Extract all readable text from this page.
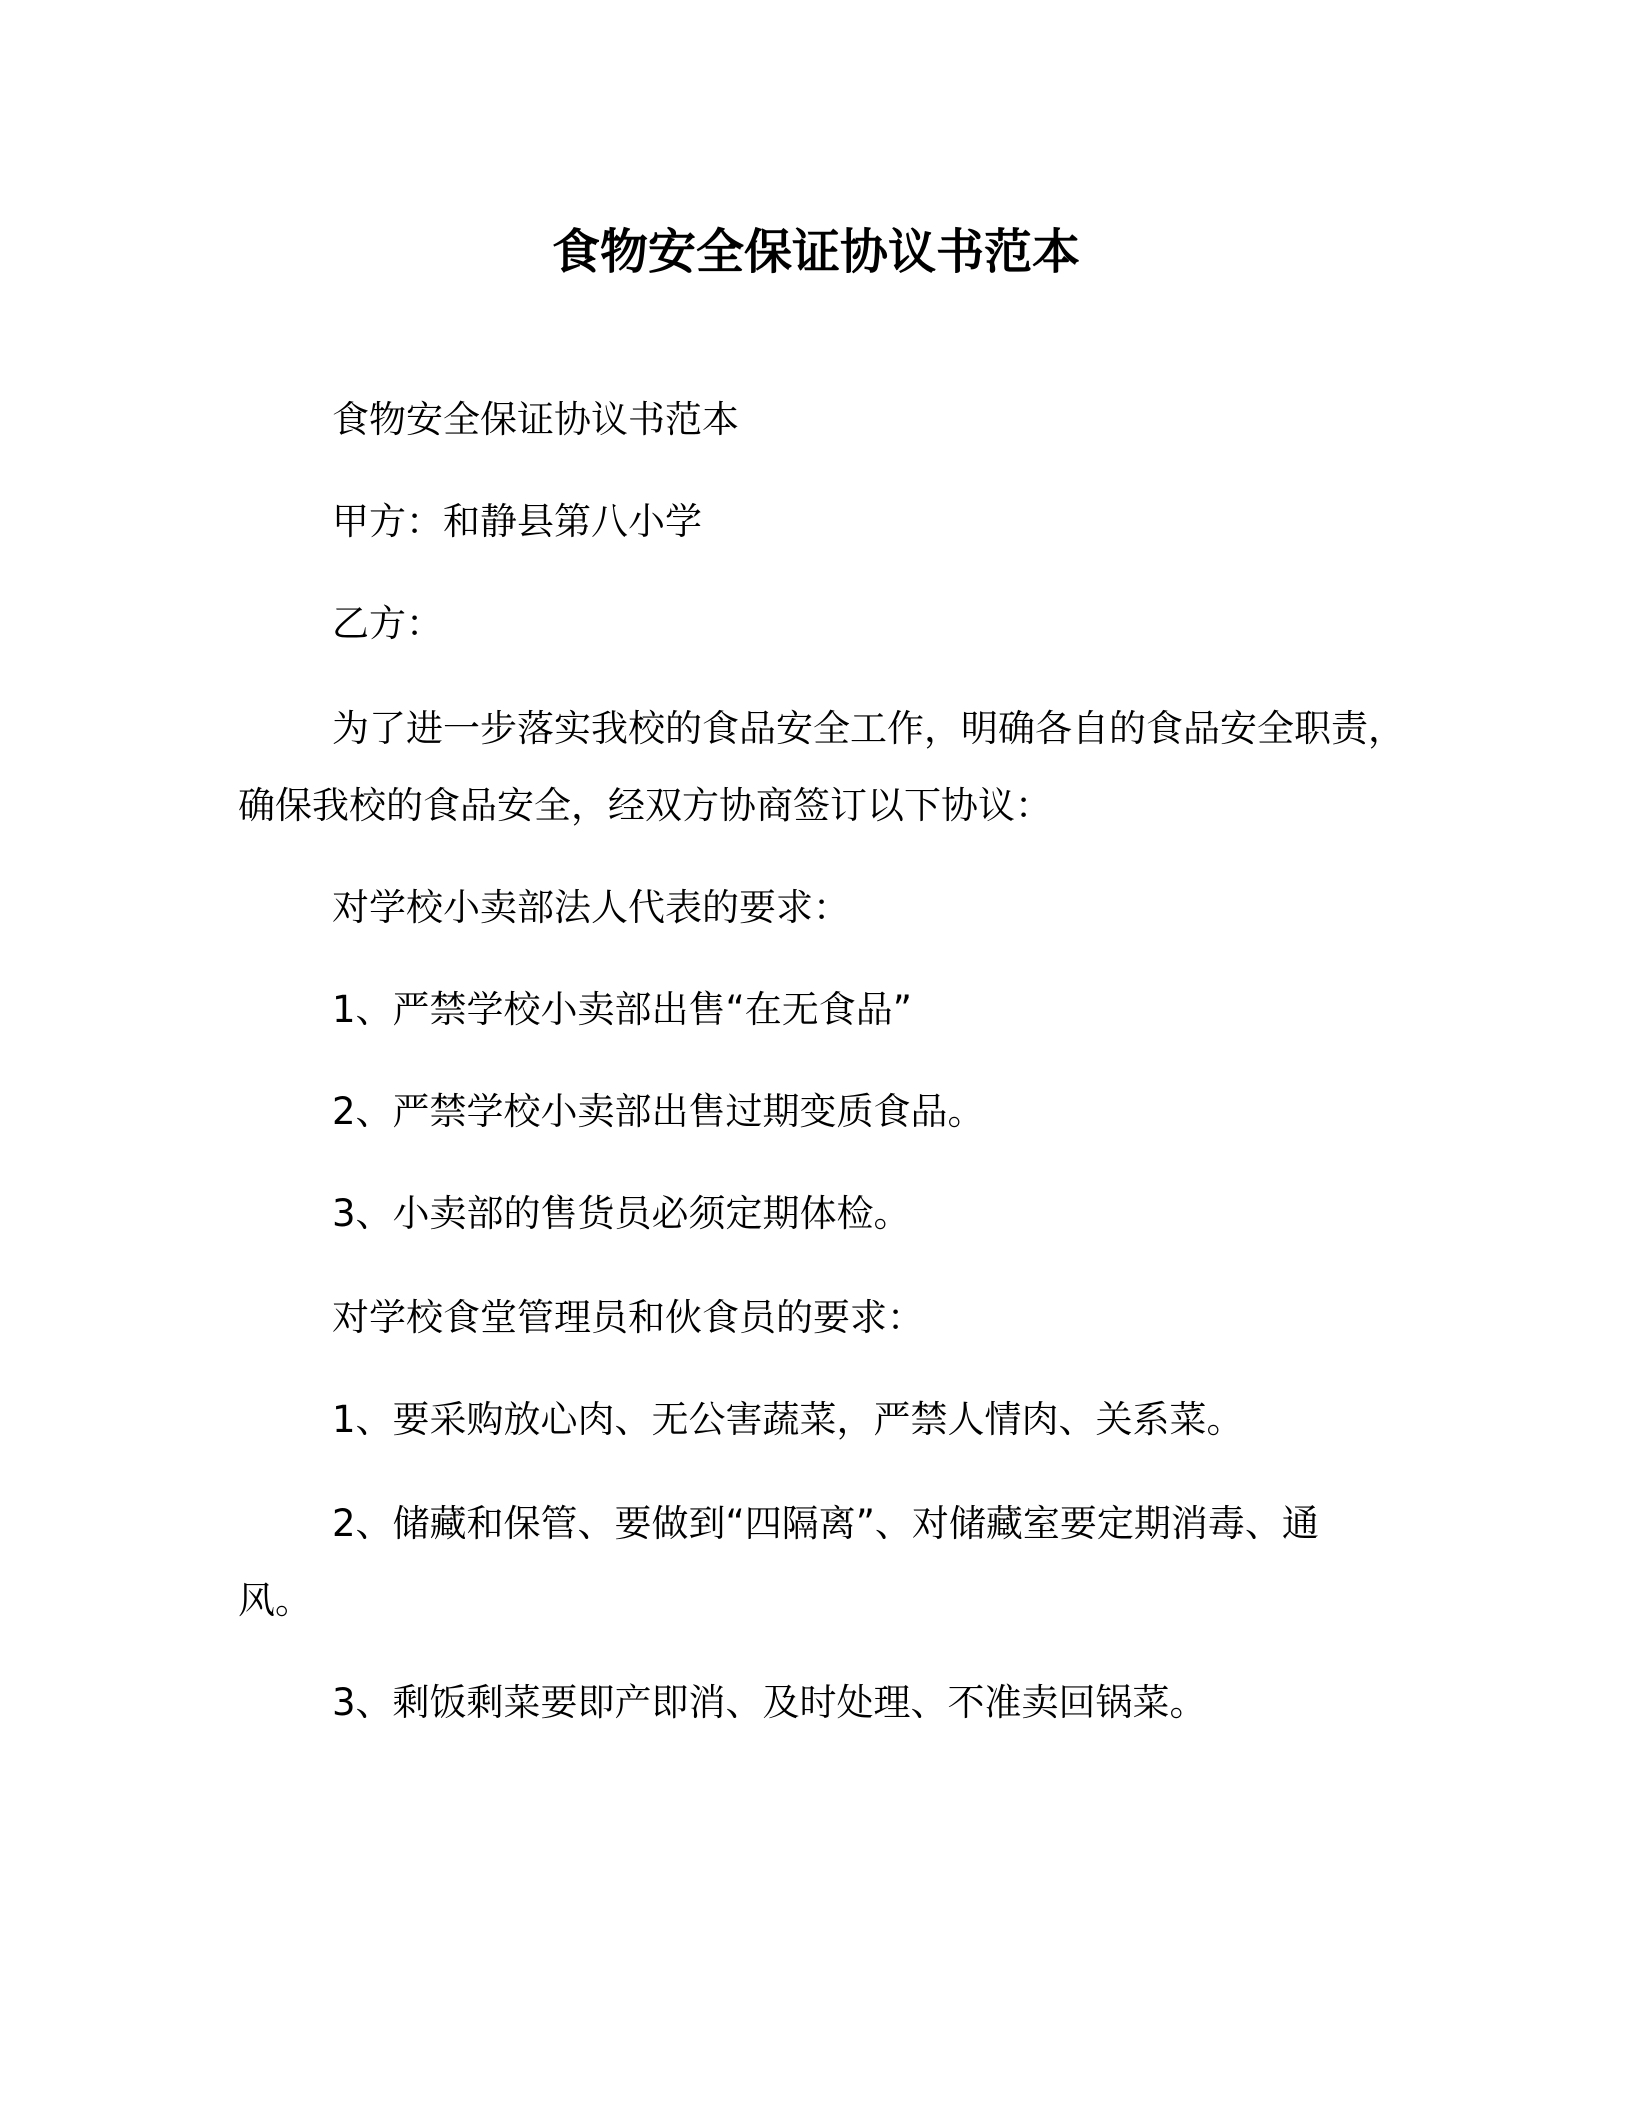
食物安全保证协议书范本
食物安全保证协议书范本
甲方：和静县第八小学
乙方：
为了进一步落实我校的食品安全工作，明确各自的食品安全职责，
确保我校的食品安全，经双方协商签订以下协议：
对学校小卖部法人代表的要求：
1、严禁学校小卖部出售“在无食品”
2、严禁学校小卖部出售过期变质食品。
3、小卖部的售货员必须定期体检。
对学校食堂管理员和伙食员的要求：
1、要采购放心肉、无公害蔬菜，严禁人情肉、关系菜。
2、储藏和保管、要做到“四隔离”、对储藏室要定期消毒、通
风。
3、剩饭剩菜要即产即消、及时处理、不准卖回锅菜。
